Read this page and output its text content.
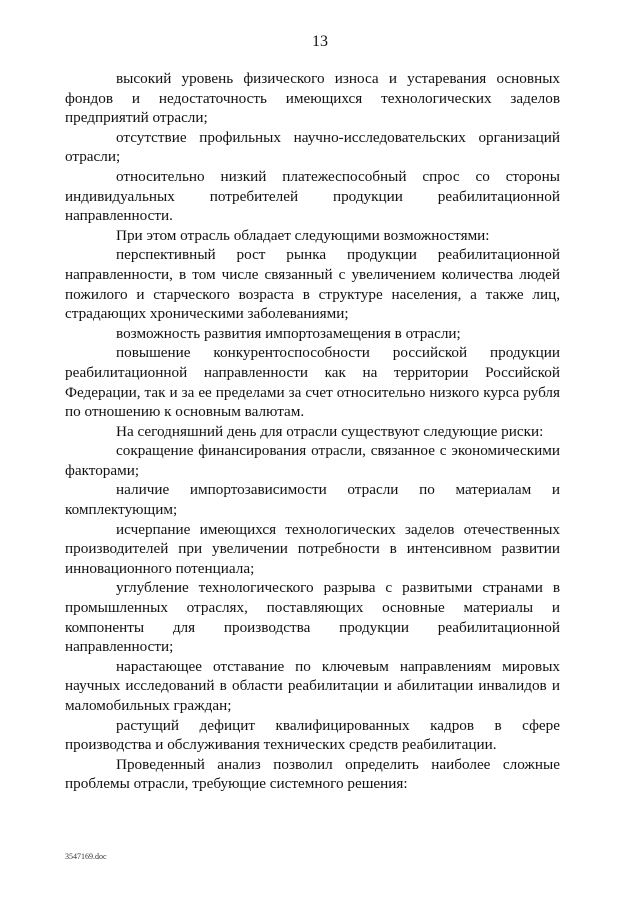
13

высокий уровень физического износа и устаревания основных фондов и недостаточность имеющихся технологических заделов предприятий отрасли;

отсутствие профильных научно-исследовательских организаций отрасли;

относительно низкий платежеспособный спрос со стороны индивидуальных потребителей продукции реабилитационной направленности.

При этом отрасль обладает следующими возможностями:

перспективный рост рынка продукции реабилитационной направленности, в том числе связанный с увеличением количества людей пожилого и старческого возраста в структуре населения, а также лиц, страдающих хроническими заболеваниями;

возможность развития импортозамещения в отрасли;

повышение конкурентоспособности российской продукции реабилитационной направленности как на территории Российской Федерации, так и за ее пределами за счет относительно низкого курса рубля по отношению к основным валютам.

На сегодняшний день для отрасли существуют следующие риски:

сокращение финансирования отрасли, связанное с экономическими факторами;

наличие импортозависимости отрасли по материалам и комплектующим;

исчерпание имеющихся технологических заделов отечественных производителей при увеличении потребности в интенсивном развитии инновационного потенциала;

углубление технологического разрыва с развитыми странами в промышленных отраслях, поставляющих основные материалы и компоненты для производства продукции реабилитационной направленности;

нарастающее отставание по ключевым направлениям мировых научных исследований в области реабилитации и абилитации инвалидов и маломобильных граждан;

растущий дефицит квалифицированных кадров в сфере производства и обслуживания технических средств реабилитации.

Проведенный анализ позволил определить наиболее сложные проблемы отрасли, требующие системного решения:

3547169.doc
